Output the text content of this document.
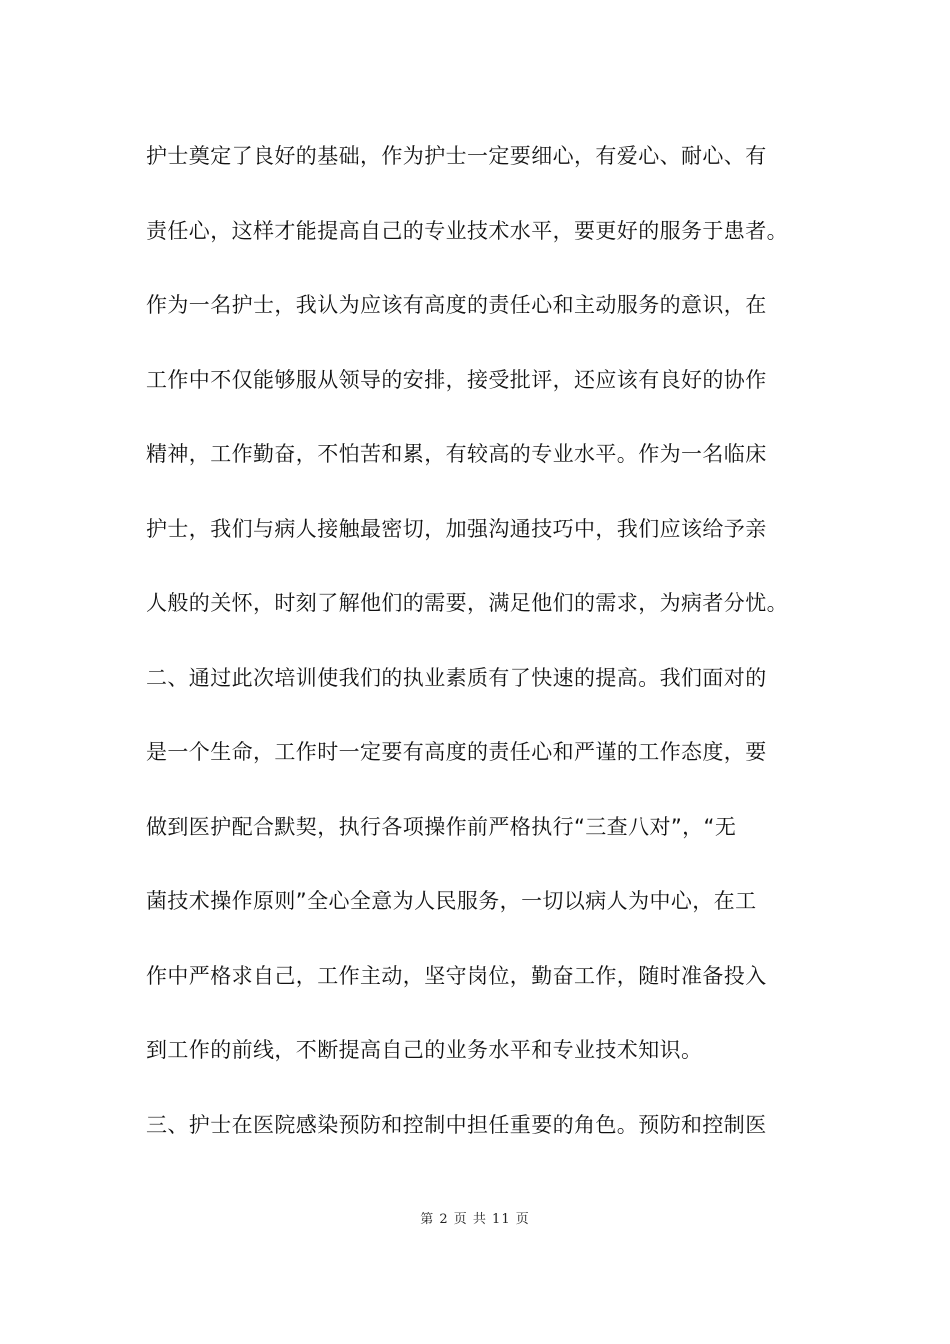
护士奠定了良好的基础，作为护士一定要细心，有爱心、耐心、有
责任心，这样才能提高自己的专业技术水平，要更好的服务于患者。
作为一名护士，我认为应该有高度的责任心和主动服务的意识，在
工作中不仅能够服从领导的安排，接受批评，还应该有良好的协作
精神，工作勤奋，不怕苦和累，有较高的专业水平。作为一名临床
护士，我们与病人接触最密切，加强沟通技巧中，我们应该给予亲
人般的关怀，时刻了解他们的需要，满足他们的需求，为病者分忧。
二、通过此次培训使我们的执业素质有了快速的提高。我们面对的
是一个生命，工作时一定要有高度的责任心和严谨的工作态度，要
做到医护配合默契，执行各项操作前严格执行“三查八对”，“无
菌技术操作原则”全心全意为人民服务，一切以病人为中心，在工
作中严格求自己，工作主动，坚守岗位，勤奋工作，随时准备投入
到工作的前线，不断提高自己的业务水平和专业技术知识。
三、护士在医院感染预防和控制中担任重要的角色。预防和控制医
第 2 页 共 11 页
